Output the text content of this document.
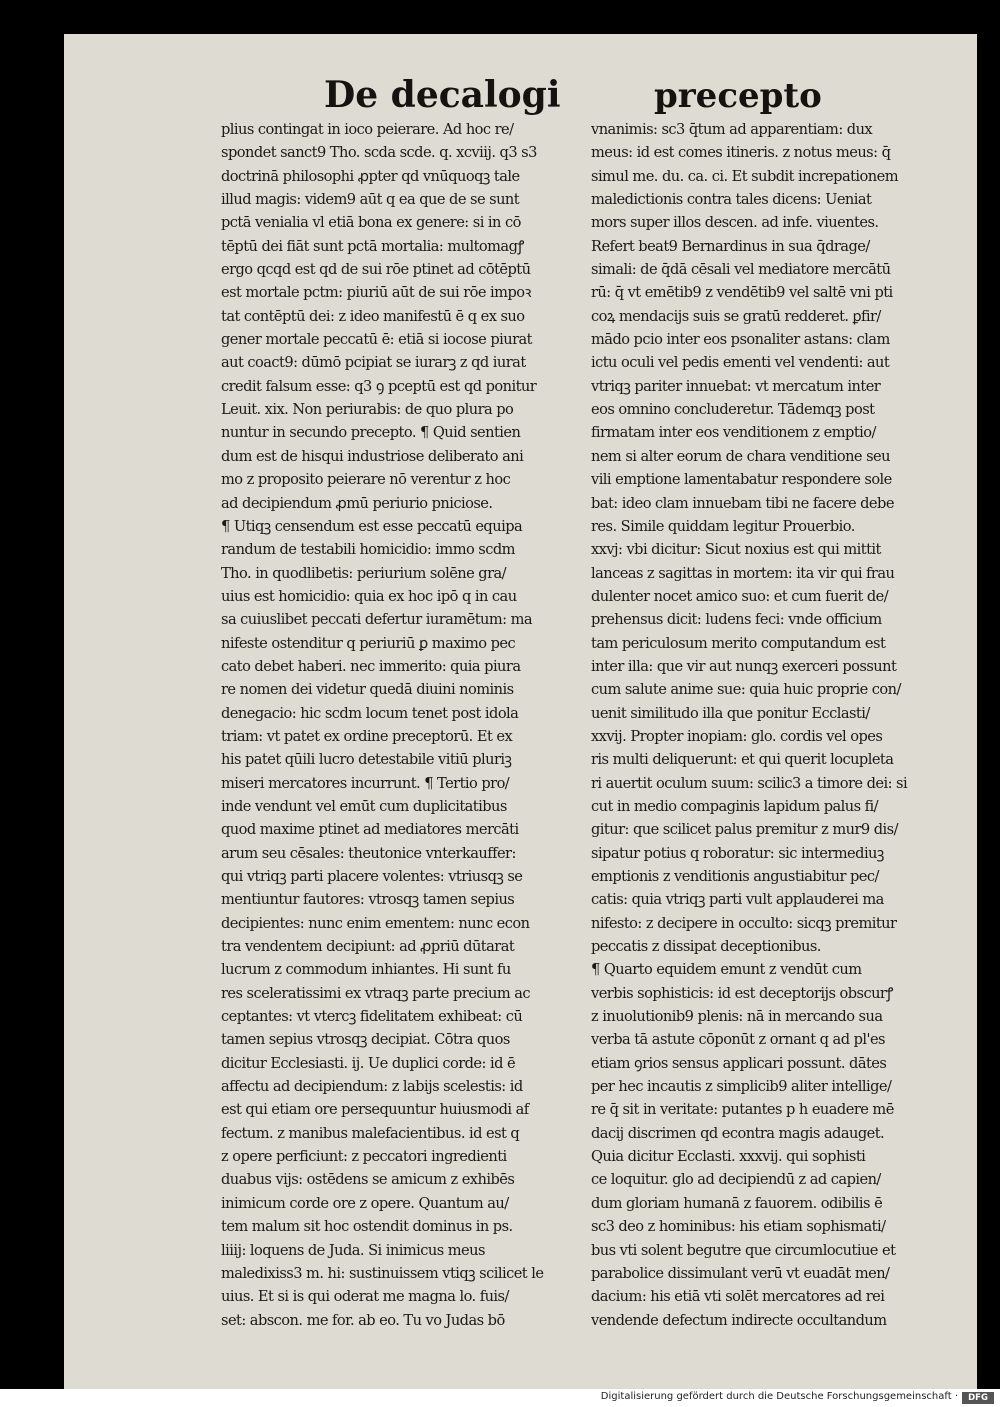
De decalogi	precepto
plius contingat in ioco peierare. Ad hoc re/
spondet sanct9 Tho. scda scde. q. xcviij. q3 s3
doctrinā philosophi ꝓpter qd vnūquoqꝫ tale
illud magis: videm9 aūt q ea que de se sunt
pctā venialia vl etiā bona ex genere: si in cō
tēptū dei fiāt sunt pctā mortalia: multomagꝭ
ergo qcqd est qd de sui rōe ptinet ad cōtēptū
est mortale pctm: piuriū aūt de sui rōe impoꝛ
tat contēptū dei: z ideo manifestū ē q ex suo
gener mortale peccatū ē: etiā si iocose piurat
aut coact9: dūmō pcipiat se iurarꝫ z qd iurat
credit falsum esse: q3 ꝯ pceptū est qd ponitur
Leuit. xix. Non periurabis: de quo plura po
nuntur in secundo precepto. ¶ Quid sentien
dum est de hisqui industriose deliberato ani
mo z proposito peierare nō verentur z hoc
ad decipiendum ꝓmū periurio pniciose.
¶ Utiqꝫ censendum est esse peccatū equipa
randum de testabili homicidio: immo scdm
Tho. in quodlibetis: periurium solēne gra/
uius est homicidio: quia ex hoc ipō q in cau
sa cuiuslibet peccati defertur iuramētum: ma
nifeste ostenditur q periuriū ꝑ maximo pec
cato debet haberi. nec immerito: quia piura
re nomen dei videtur quedā diuini nominis
denegacio: hic scdm locum tenet post idola
triam: vt patet ex ordine preceptorū. Et ex
his patet qūili lucro detestabile vitiū pluriꝫ
miseri mercatores incurrunt. ¶ Tertio pro/
inde vendunt vel emūt cum duplicitatibus
quod maxime ptinet ad mediatores mercāti
arum seu cēsales: theutonice vnterkauffer:
qui vtriqꝫ parti placere volentes: vtriusqꝫ se
mentiuntur fautores: vtrosqꝫ tamen sepius
decipientes: nunc enim ementem: nunc econ
tra vendentem decipiunt: ad ꝓpriū dūtarat
lucrum z commodum inhiantes. Hi sunt fu
res sceleratissimi ex vtraqꝫ parte precium ac
ceptantes: vt vtercꝫ fidelitatem exhibeat: cū
tamen sepius vtrosqꝫ decipiat. Cōtra quos
dicitur Ecclesiasti. ij. Ue duplici corde: id ē
affectu ad decipiendum: z labijs scelestis: id
est qui etiam ore persequuntur huiusmodi af
fectum. z manibus malefacientibus. id est q
z opere perficiunt: z peccatori ingredienti
duabus vijs: ostēdens se amicum z exhibēs
inimicum corde ore z opere. Quantum au/
tem malum sit hoc ostendit dominus in ps.
liiij: loquens de Juda. Si inimicus meus
maledixiss3 m. hi: sustinuissem vtiqꝫ scilicet le
uius. Et si is qui oderat me magna lo. fuis/
set: abscon. me for. ab eo. Tu vo Judas bō
vnanimis: sc3 q̄tum ad apparentiam: dux
meus: id est comes itineris. z notus meus: q̄
simul me. du. ca. ci. Et subdit increpationem
maledictionis contra tales dicens: Ueniat
mors super illos descen. ad infe. viuentes.
Refert beat9 Bernardinus in sua q̄drage/
simali: de q̄dā cēsali vel mediatore mercātū
rū: q̄ vt emētib9 z vendētib9 vel saltē vni pti
coꝝ mendacijs suis se gratū redderet. ꝑfir/
mādo pcio inter eos psonaliter astans: clam
ictu oculi vel pedis ementi vel vendenti: aut
vtriqꝫ pariter innuebat: vt mercatum inter
eos omnino concluderetur. Tādemqꝫ post
firmatam inter eos venditionem z emptio/
nem si alter eorum de chara venditione seu
vili emptione lamentabatur respondere sole
bat: ideo clam innuebam tibi ne facere debe
res. Simile quiddam legitur Prouerbio.
xxvj: vbi dicitur: Sicut noxius est qui mittit
lanceas z sagittas in mortem: ita vir qui frau
dulenter nocet amico suo: et cum fuerit de/
prehensus dicit: ludens feci: vnde officium
tam periculosum merito computandum est
inter illa: que vir aut nunqꝫ exerceri possunt
cum salute anime sue: quia huic proprie con/
uenit similitudo illa que ponitur Ecclasti/
xxvij. Propter inopiam: glo. cordis vel opes
ris multi deliquerunt: et qui querit locupleta
ri auertit oculum suum: scilic3 a timore dei: si
cut in medio compaginis lapidum palus fi/
gitur: que scilicet palus premitur z mur9 dis/
sipatur potius q roboratur: sic intermediuꝫ
emptionis z venditionis angustiabitur pec/
catis: quia vtriqꝫ parti vult applauderei ma
nifesto: z decipere in occulto: sicqꝫ premitur
peccatis z dissipat deceptionibus.
¶ Quarto equidem emunt z vendūt cum
verbis sophisticis: id est deceptorijs obscurꝭ
z inuolutionib9 plenis: nā in mercando sua
verba tā astute cōponūt z ornant q ad pl'es
etiam ꝯrios sensus applicari possunt. dātes
per hec incautis z simplicib9 aliter intellige/
re q̄ sit in veritate: putantes p h euadere mē
dacij discrimen qd econtra magis adauget.
Quia dicitur Ecclasti. xxxvij. qui sophisti
ce loquitur. glo ad decipiendū z ad capien/
dum gloriam humanā z fauorem. odibilis ē
sc3 deo z hominibus: his etiam sophismati/
bus vti solent begutre que circumlocutiue et
parabolice dissimulant verū vt euadāt men/
dacium: his etiā vti solēt mercatores ad rei
vendende defectum indirecte occultandum
Digitalisierung gefördert durch die Deutsche Forschungsgemeinschaft ·	DFG
